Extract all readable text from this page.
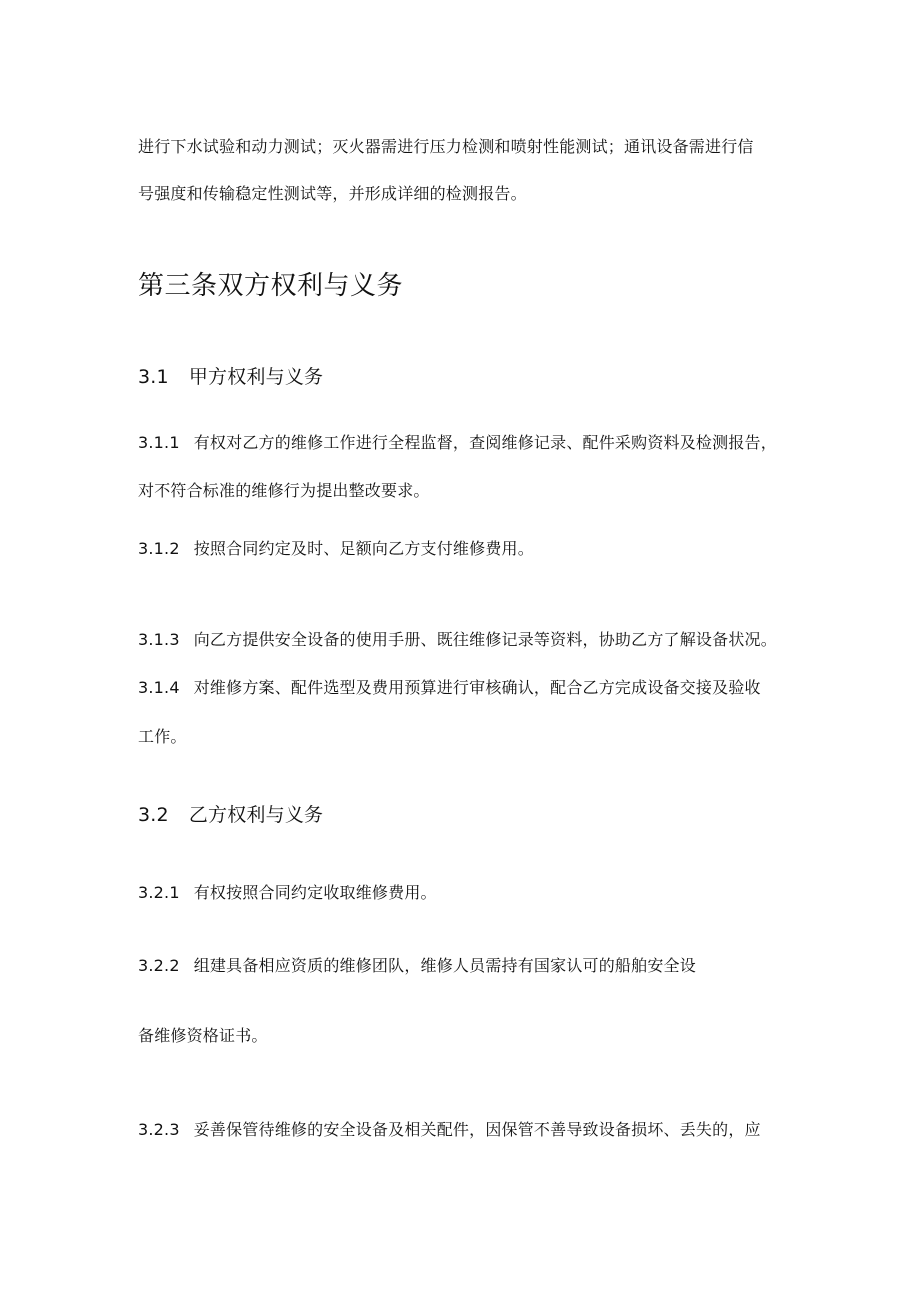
进行下水试验和动力测试；灭火器需进行压力检测和喷射性能测试；通讯设备需进行信
号强度和传输稳定性测试等，并形成详细的检测报告。
第三条双方权利与义务
3.1 甲方权利与义务
3.1.1 有权对乙方的维修工作进行全程监督，查阅维修记录、配件采购资料及检测报告，
对不符合标准的维修行为提出整改要求。
3.1.2 按照合同约定及时、足额向乙方支付维修费用。
3.1.3 向乙方提供安全设备的使用手册、既往维修记录等资料，协助乙方了解设备状况。
3.1.4 对维修方案、配件选型及费用预算进行审核确认，配合乙方完成设备交接及验收
工作。
3.2 乙方权利与义务
3.2.1 有权按照合同约定收取维修费用。
3.2.2 组建具备相应资质的维修团队，维修人员需持有国家认可的船舶安全设
备维修资格证书。
3.2.3 妥善保管待维修的安全设备及相关配件，因保管不善导致设备损坏、丢失的，应
